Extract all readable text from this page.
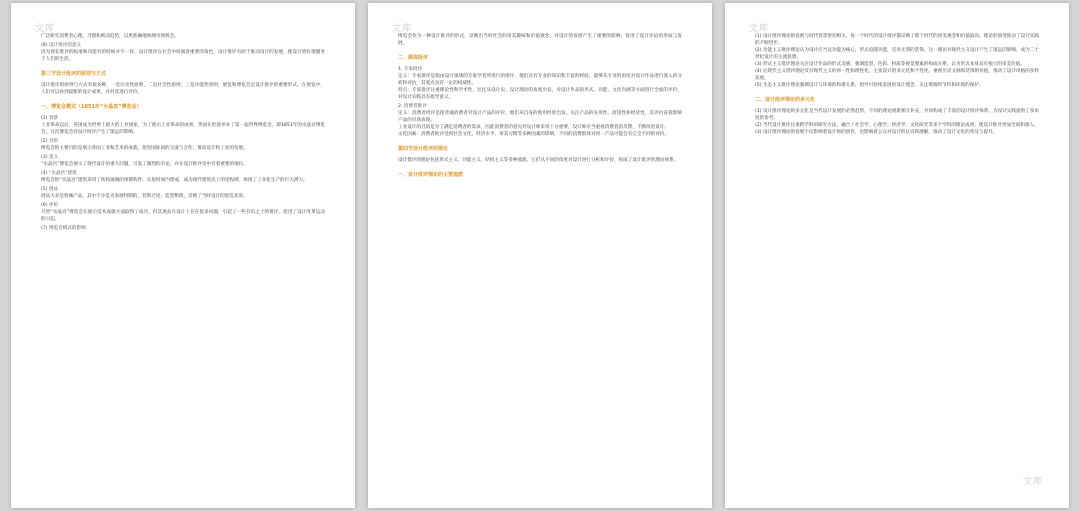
文库

广泛研究消费者心理，习惯和被动趋势，以更准确地预测市场机会。

(8) 设计批评的意义

因为现在批评的标准和功能有的时候并不一样，设计批评在社会中扮演着重要的角色，设计批评有助于推动设计的发展，使设计更好地服务于人们的生活。

第三节设计批评的原则与方式

设计批评的原则与方式有很多种，一是历史性原则，二是社会性原则，三是功能性原则，展览和博览会是设计批评的重要形式，在展览中，人们可以看到最新的设计成果，并对其进行评价。

一、博览会模式（1851年“水晶宫”博览会）

(1) 背景

工业革命以后，英国成为世界上最大的工业国家，为了展示工业革命的成果，英国在伦敦举办了第一届世界博览会，即1851年的水晶宫博览会，这次博览会对设计批评产生了深远的影响。

(2) 目的

博览会的主要目的是展示各国工业和艺术的成就，促进国际间的交流与合作，推动设计和工业的发展。

(3) 意义

“水晶宫”博览会展示了现代设计的重大问题，引发了激烈的争论，并在设计批评史中有着重要的地位。

(4) “水晶宫”建筑

博览会的“水晶宫”建筑采用了铁和玻璃的预制构件，在短时间内建成，成为现代建筑史上的里程碑，体现了工业化生产的巨大潜力。

(5) 展品

展品大多是机械产品，其中不少是为参展特制的，装饰过度，造型繁琐，反映了当时设计的混乱状况。

(6) 评价

尽管“水晶宫”博览会在展示技术成就方面取得了成功，但其展品在设计上存在很多问题，引起了一些有识之士的批评，促进了设计改革运动的兴起。

(7) 博览会模式的影响

文库

博览会作为一种设计批评的形式，反映出当时社会的审美趣味和价值观念，对设计的发展产生了重要的影响，促进了设计评论的形成与发展。

二、媒体批评

1. 专家批评

定义：专家批评是指由设计领域的专家学者所进行的批评，他们具有专业的知识和丰富的经验，能够从专业的角度对设计作品进行深入的分析和评价，其观点具有一定的权威性。

特点：专家批评注重理论性和学术性，往往从设计史、设计理论的角度出发，对设计作品的形式、功能、文化内涵等方面进行全面的评价，对设计实践具有指导意义。

2. 消费者批评

定义：消费者批评是指普通消费者对设计产品的评价，他们从自身的使用经验出发，关注产品的实用性、舒适性和经济性，其评价直接影响产品的市场表现。

工业设计的目的是为了满足消费者的需求，因此消费者的意见对设计师来说十分重要，设计师应当重视消费者的反馈，不断改进设计。

文化因素：消费者批评受到社会文化、经济水平、审美习惯等多种因素的影响，不同的消费群体对同一产品可能会有完全不同的评价。

第四节设计批评的理论

设计批评的理论包括形式主义、功能主义、结构主义等多种流派，它们从不同的角度对设计进行分析和评价，构成了设计批评的理论体系。

一、设计批评理论的主要流派

文库
文库

(1) 设计批评理论的发展与时代背景密切相关，每一个时代的设计批评都反映了那个时代的审美观念和价值取向，理论的演变推动了设计实践的不断进步。

(2) 功能主义批评理论认为设计应当以功能为核心，形式追随功能，反对无谓的装饰，这一理论对现代主义设计产生了深远的影响，成为二十世纪设计的主流思想。

(3) 形式主义批评理论关注设计作品的形式美感，强调造型、色彩、材质等视觉要素的构成关系，认为形式本身具有独立的审美价值。

(4) 后现代主义批评理论反对现代主义的单一性和理性化，主张设计的多元化和个性化，重视历史文脉和装饰的价值，推动了设计风格的多样发展。

(5) 生态主义批评理论强调设计与环境的和谐关系，倡导可持续发展的设计理念，关注资源的节约和环境的保护。

二、设计批评理论的多元化

(1) 设计批评理论的多元化是当代设计发展的必然趋势，不同的理论流派相互补充，共同构成了丰富的设计批评体系，为设计实践提供了多角度的参考。

(2) 当代设计批评注重跨学科的研究方法，融合了社会学、心理学、经济学、文化研究等多个学科的理论成果，使设计批评更加全面和深入。

(3) 设计批评理论的发展不仅影响着设计师的创作，也影响着公众对设计的认识和理解，推动了设计文化的普及与提升。
